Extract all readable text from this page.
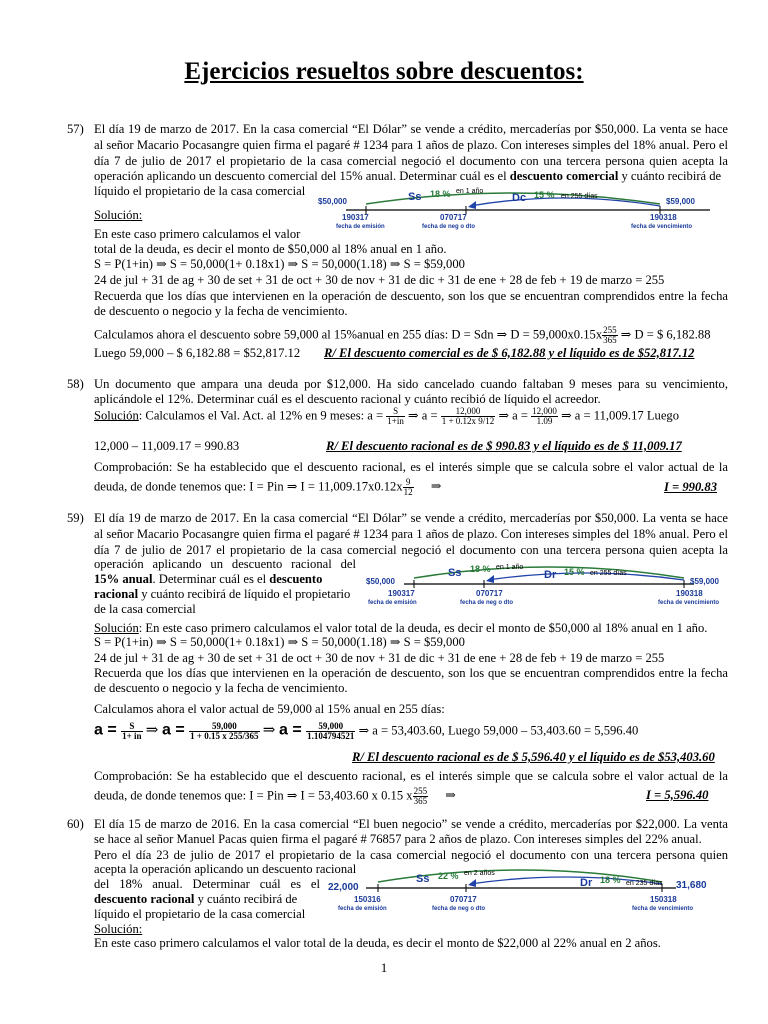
Ejercicios resueltos sobre descuentos:
57) El día 19 de marzo de 2017. En la casa comercial “El Dólar” se vende a crédito, mercaderías por $50,000. La venta se hace
al señor Macario Pocasangre quien firma el pagaré # 1234 para 1 años de plazo. Con intereses simples del 18% anual. Pero el
día 7 de julio de 2017 el propietario de la casa comercial negoció el documento con una tercera persona quien acepta la
operación aplicando un descuento comercial del 15% anual. Determinar cuál es el descuento comercial y cuánto recibirá de
líquido el propietario de la casa comercial
$50,000	$59,000
Ss 18 % en 1 año
Dc 15 % en 255 días
190317
fecha de emisión
070717
fecha de neg o dto
190318
fecha de vencimiento
Solución:
En este caso primero calculamos el valor
total de la deuda, es decir el monto de $50,000 al 18% anual en 1 año.
S = P(1+in) ⇒ S = 50,000(1+ 0.18x1) ⇒ S = 50,000(1.18) ⇒ S = $59,000
24 de jul + 31 de ag + 30 de set + 31 de oct + 30 de nov + 31 de dic + 31 de ene + 28 de feb + 19 de marzo = 255
Recuerda que los días que intervienen en la operación de descuento, son los que se encuentran comprendidos entre la fecha
de descuento o negocio y la fecha de vencimiento.
Calculamos ahora el descuento sobre 59,000 al 15%anual en 255 días: D = Sdn ⇒ $D = 59,000x0.15x \frac{255}{365}$ ⇒ D = $ 6,182.88
Luego 59,000 – $ 6,182.88 = $52,817.12 R/ El descuento comercial es de $ 6,182.88 y el líquido es de $52,817.12
58) Un documento que ampara una deuda por $12,000. Ha sido cancelado cuando faltaban 9 meses para su vencimiento,
aplicándole el 12%. Determinar cuál es el descuento racional y cuánto recibió de líquido el acreedor.
Solución: Calculamos el Val. Act. al 12% en 9 meses: $a = \frac{S}{1+in}$ ⇒ $a = \frac{12,000}{1 + 0.12x 9/12}$ ⇒ $a = \frac{12,000}{1.09}$ ⇒ a = 11,009.17 Luego
12,000 – 11,009.17 = 990.83	R/ El descuento racional es de $ 990.83 y el líquido es de $ 11,009.17
Comprobación: Se ha establecido que el descuento racional, es el interés simple que se calcula sobre el valor actual de la
deuda, de donde tenemos que: I = Pin ⇒ $I = 11,009.17x0.12x \frac{9}{12}$ ⇒	I = 990.83
59) El día 19 de marzo de 2017. En la casa comercial “El Dólar” se vende a crédito, mercaderías por $50,000. La venta se hace
al señor Macario Pocasangre quien firma el pagaré # 1234 para 1 años de plazo. Con intereses simples del 18% anual. Pero el
día 7 de julio de 2017 el propietario de la casa comercial negoció el documento con una tercera persona quien acepta la
operación aplicando un descuento racional del
15% anual. Determinar cuál es el descuento
racional y cuánto recibirá de líquido el propietario
de la casa comercial
$50,000	$59,000
Ss 18 % en 1 año
Dr 15 % en 255 días
190317
fecha de emisión
070717
fecha de neg o dto
190318
fecha de vencimiento
Solución: En este caso primero calculamos el valor total de la deuda, es decir el monto de $50,000 al 18% anual en 1 año.
S = P(1+in) ⇒ S = 50,000(1+ 0.18x1) ⇒ S = 50,000(1.18) ⇒ S = $59,000
24 de jul + 31 de ag + 30 de set + 31 de oct + 30 de nov + 31 de dic + 31 de ene + 28 de feb + 19 de marzo = 255
Recuerda que los días que intervienen en la operación de descuento, son los que se encuentran comprendidos entre la fecha
de descuento o negocio y la fecha de vencimiento.
Calculamos ahora el valor actual de 59,000 al 15% anual en 255 días:
$a = \frac{S}{1+ in}$ ⇒ $a = \frac{59,000}{1 + 0.15 x 255/365}$ ⇒ $a = \frac{59,000}{1.104794521}$ ⇒ a = 53,403.60, Luego 59,000 – 53,403.60 = 5,596.40
R/ El descuento racional es de $ 5,596.40 y el líquido es de $53,403.60
Comprobación: Se ha establecido que el descuento racional, es el interés simple que se calcula sobre el valor actual de la
deuda, de donde tenemos que: I = Pin ⇒ I = 53,403.60 x 0.15 x $\frac{255}{365}$ ⇒	I = 5,596.40
60) El día 15 de marzo de 2016. En la casa comercial “El buen negocio” se vende a crédito, mercaderías por $22,000. La venta
se hace al señor Manuel Pacas quien firma el pagaré # 76857 para 2 años de plazo. Con intereses simples del 22% anual.
Pero el día 23 de julio de 2017 el propietario de la casa comercial negoció el documento con una tercera persona quien
acepta la operación aplicando un descuento racional
del 18% anual. Determinar cuál es el
descuento racional y cuánto recibirá de
líquido el propietario de la casa comercial
22,000	31,680
Ss 22 % en 2 años
Dr 18 % en 235 días
150316
fecha de emisión
070717
fecha de neg o dto
150318
fecha de vencimiento
Solución:
En este caso primero calculamos el valor total de la deuda, es decir el monto de $22,000 al 22% anual en 2 años.
1
